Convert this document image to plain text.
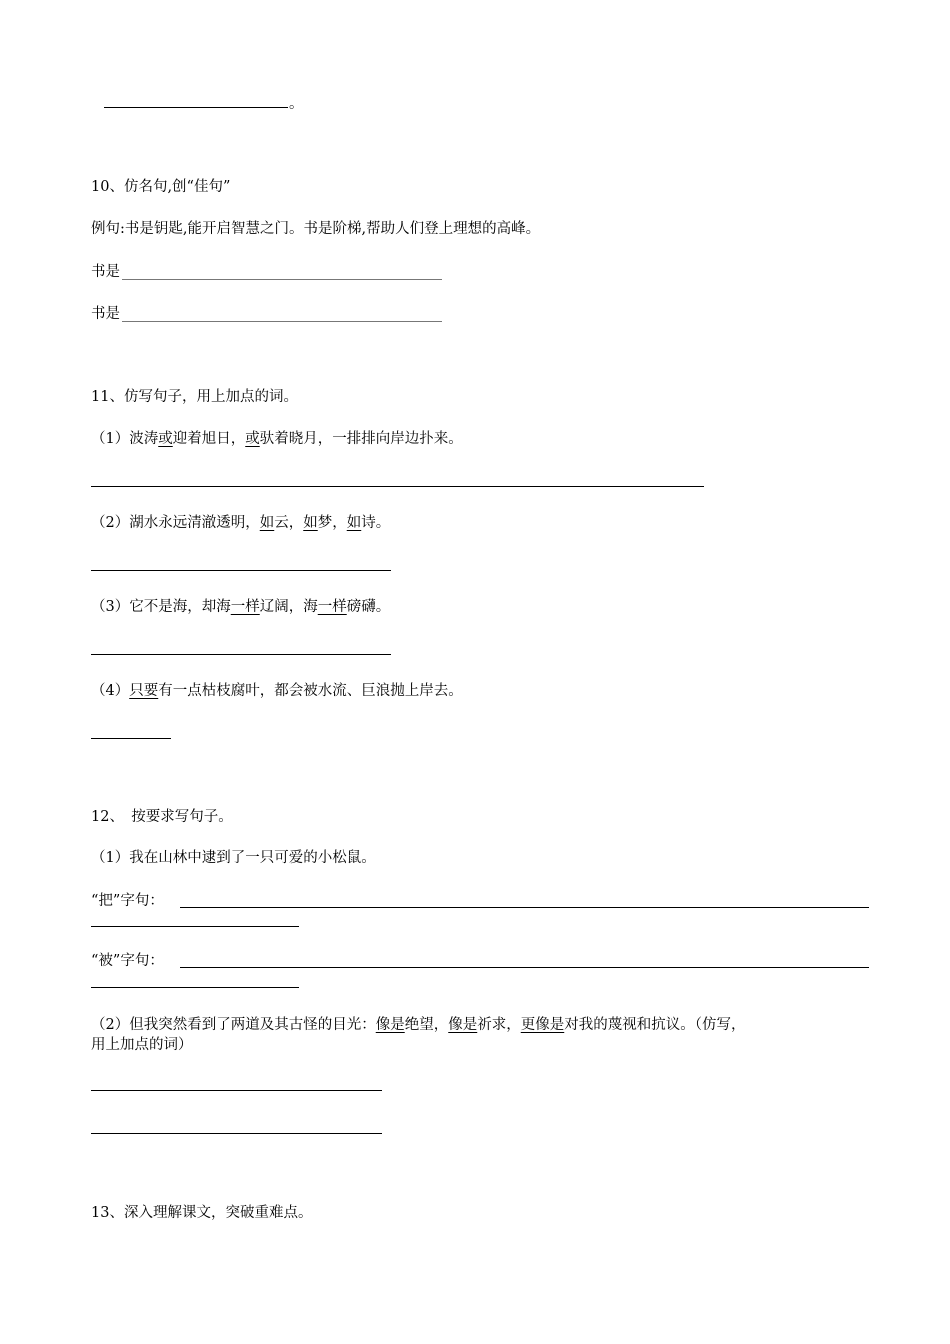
。
10、仿名句,创“佳句”
例句:书是钥匙,能开启智慧之门。书是阶梯,帮助人们登上理想的高峰。
书是
书是
11、仿写句子，用上加点的词。
（1）波涛或迎着旭日，或驮着晓月，一排排向岸边扑来。
（2）湖水永远清澈透明，如云，如梦，如诗。
（3）它不是海，却海一样辽阔，海一样磅礴。
（4）只要有一点枯枝腐叶，都会被水流、巨浪抛上岸去。
12、　按要求写句子。
（1）我在山林中逮到了一只可爱的小松鼠。
“把”字句：
“被”字句：
（2）但我突然看到了两道及其古怪的目光：像是绝望，像是祈求，更像是对我的蔑视和抗议。（仿写，
用上加点的词）
13、深入理解课文，突破重难点。
